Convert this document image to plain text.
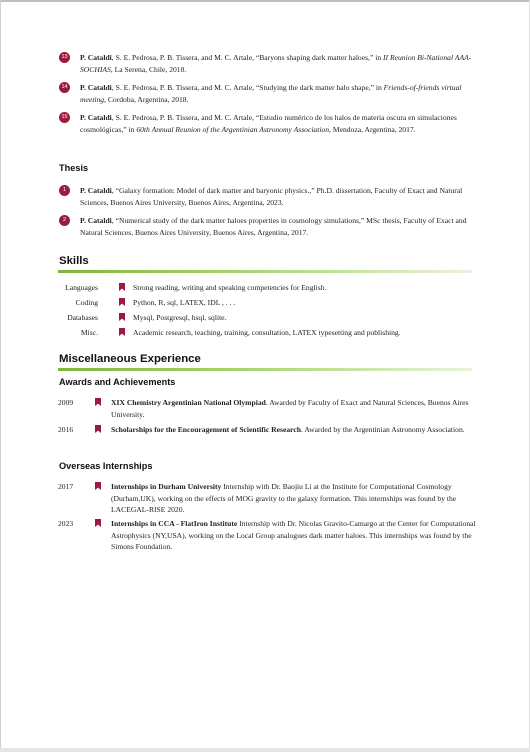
13	P. Cataldi, S. E. Pedrosa, P. B. Tissera, and M. C. Artale, “Baryons shaping dark matter haloes,” in II Reunion Bi-National AAA-SOCHIAS, La Serena, Chile, 2018.
14	P. Cataldi, S. E. Pedrosa, P. B. Tissera, and M. C. Artale, “Studying the dark matter halo shape,” in Friends-of-friends virtual meeting, Cordoba, Argentina, 2018.
15	P. Cataldi, S. E. Pedrosa, P. B. Tissera, and M. C. Artale, “Estudio numérico de los halos de materia oscura en simulaciones cosmológicas,” in 60th Annual Reunion of the Argentinian Astronomy Association, Mendoza, Argentina, 2017.
Thesis
1	P. Cataldi, “Galaxy formation: Model of dark matter and baryonic physics.,” Ph.D. dissertation, Faculty of Exact and Natural Sciences, Buenos Aires University, Buenos Aires, Argentina, 2023.
2	P. Cataldi, “Numerical study of the dark matter haloes properties in cosmology simulations,” MSc thesis, Faculty of Exact and Natural Sciences, Buenos Aires University, Buenos Aires, Argentina, 2017.
Skills
Languages	Strong reading, writing and speaking competencies for English.
Coding	Python, R, sql, LATEX, IDL , . . .
Databases	Mysql, Postgresql, hsql, sqlite.
Misc.	Academic research, teaching, training, consultation, LATEX typesetting and publishing.
Miscellaneous Experience
Awards and Achievements
2009	XIX Chemistry Argentinian National Olympiad. Awarded by Faculty of Exact and Natural Sciences, Buenos Aires University.
2016	Scholarships for the Encouragement of Scientific Research. Awarded by the Argentinian Astronomy Association.
Overseas Internships
2017	Internships in Durham University Internship with Dr. Baojiu Li at the Institute for Computational Cosmology (Durham,UK), working on the effects of MOG gravity to the galaxy formation. This internships was found by the LACEGAL-RISE 2020.
2023	Internships in CCA - FlatIron Institute Internship with Dr. Nicolas Gravito-Camargo at the Center for Computational Astrophysics (NY,USA), working on the Local Group analogues dark matter haloes. This internships was found by the Simons Foundation.
